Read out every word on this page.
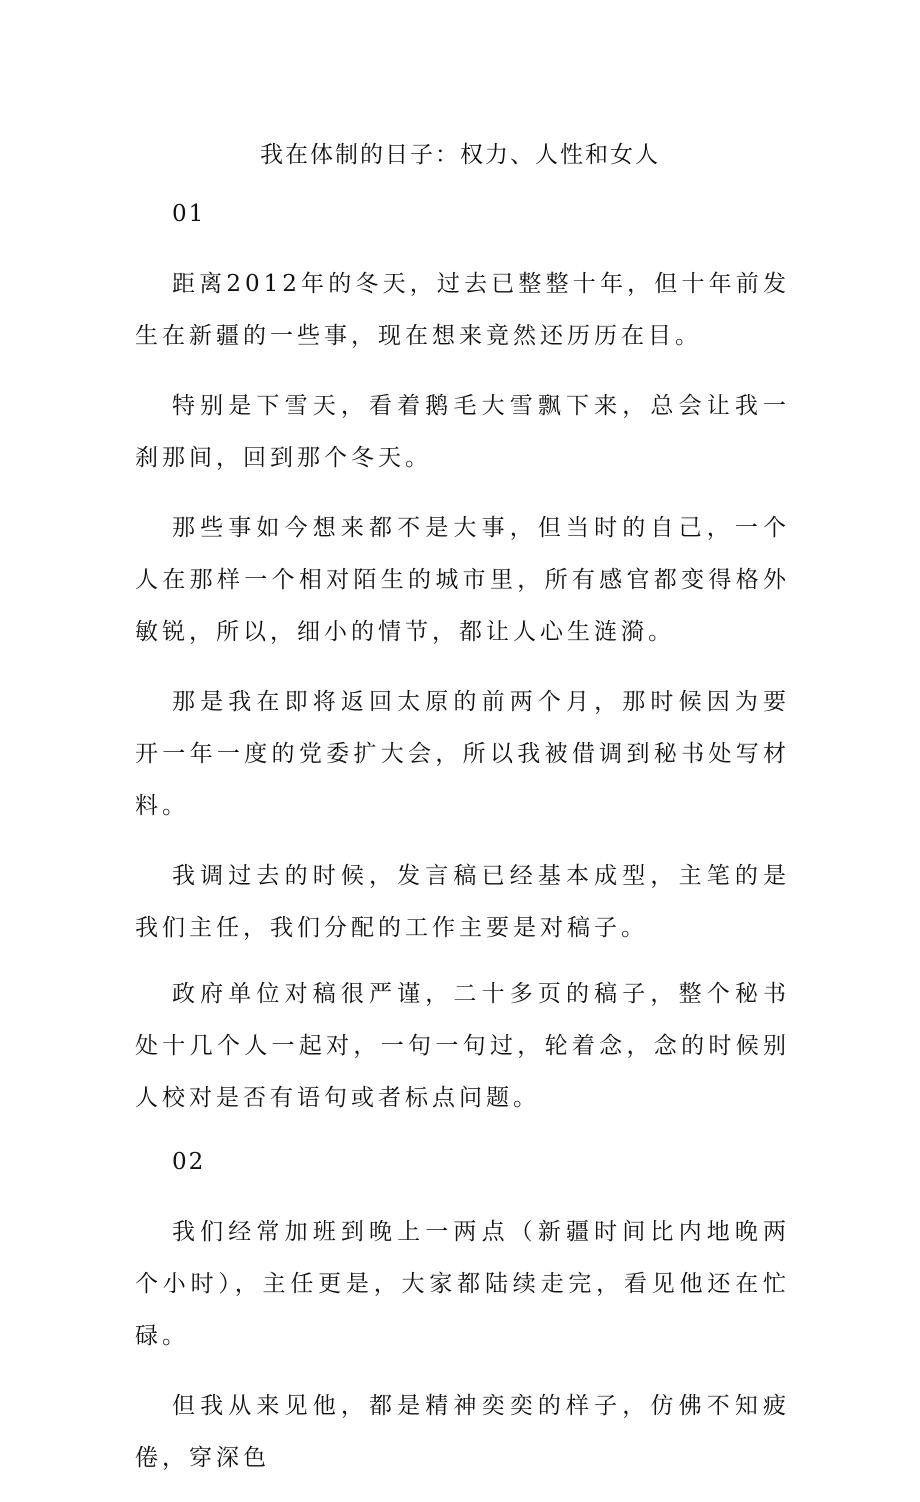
我在体制的日子：权力、人性和女人

01

距离2012年的冬天，过去已整整十年，但十年前发生在新疆的一些事，现在想来竟然还历历在目。

特别是下雪天，看着鹅毛大雪飘下来，总会让我一刹那间，回到那个冬天。

那些事如今想来都不是大事，但当时的自己，一个人在那样一个相对陌生的城市里，所有感官都变得格外敏锐，所以，细小的情节，都让人心生涟漪。

那是我在即将返回太原的前两个月，那时候因为要开一年一度的党委扩大会，所以我被借调到秘书处写材料。

我调过去的时候，发言稿已经基本成型，主笔的是我们主任，我们分配的工作主要是对稿子。

政府单位对稿很严谨，二十多页的稿子，整个秘书处十几个人一起对，一句一句过，轮着念，念的时候别人校对是否有语句或者标点问题。

02

我们经常加班到晚上一两点（新疆时间比内地晚两个小时），主任更是，大家都陆续走完，看见他还在忙碌。

但我从来见他，都是精神奕奕的样子，仿佛不知疲倦，穿深色
